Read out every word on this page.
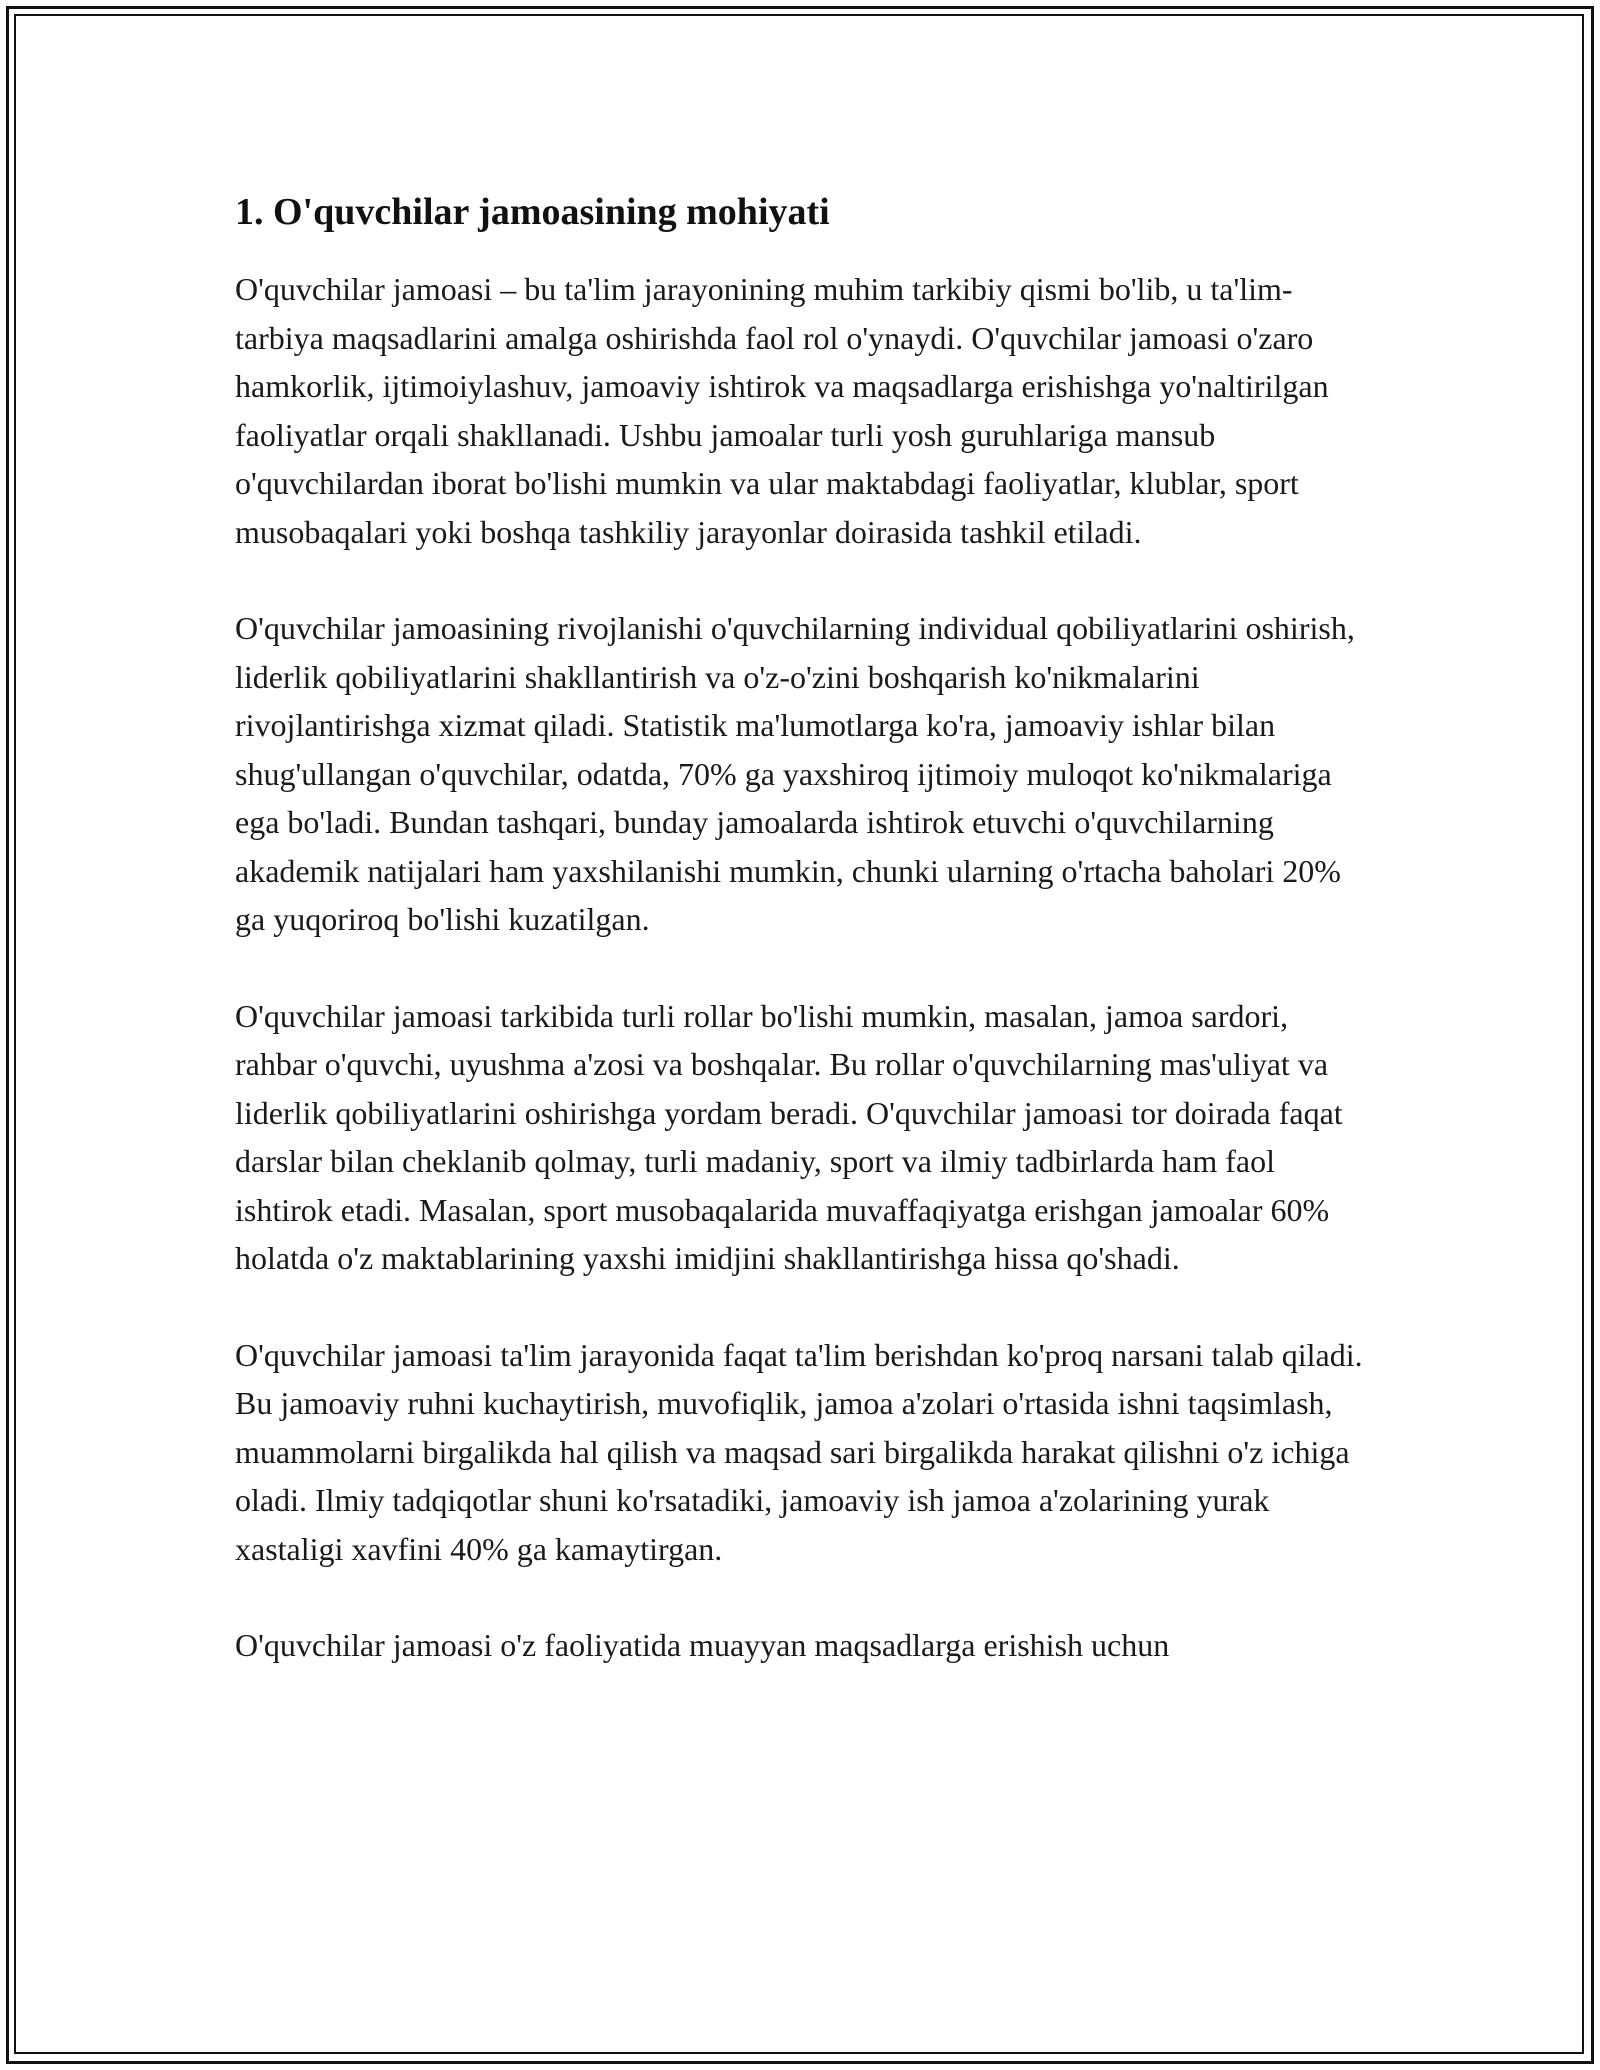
1. O'quvchilar jamoasining mohiyati

O'quvchilar jamoasi – bu ta'lim jarayonining muhim tarkibiy qismi bo'lib, u ta'lim-tarbiya maqsadlarini amalga oshirishda faol rol o'ynaydi. O'quvchilar jamoasi o'zaro hamkorlik, ijtimoiylashuv, jamoaviy ishtirok va maqsadlarga erishishga yo'naltirilgan faoliyatlar orqali shakllanadi. Ushbu jamoalar turli yosh guruhlariga mansub o'quvchilardan iborat bo'lishi mumkin va ular maktabdagi faoliyatlar, klublar, sport musobaqalari yoki boshqa tashkiliy jarayonlar doirasida tashkil etiladi.

O'quvchilar jamoasining rivojlanishi o'quvchilarning individual qobiliyatlarini oshirish, liderlik qobiliyatlarini shakllantirish va o'z-o'zini boshqarish ko'nikmalarini rivojlantirishga xizmat qiladi. Statistik ma'lumotlarga ko'ra, jamoaviy ishlar bilan shug'ullangan o'quvchilar, odatda, 70% ga yaxshiroq ijtimoiy muloqot ko'nikmalariga ega bo'ladi. Bundan tashqari, bunday jamoalarda ishtirok etuvchi o'quvchilarning akademik natijalari ham yaxshilanishi mumkin, chunki ularning o'rtacha baholari 20% ga yuqoriroq bo'lishi kuzatilgan.

O'quvchilar jamoasi tarkibida turli rollar bo'lishi mumkin, masalan, jamoa sardori, rahbar o'quvchi, uyushma a'zosi va boshqalar. Bu rollar o'quvchilarning mas'uliyat va liderlik qobiliyatlarini oshirishga yordam beradi. O'quvchilar jamoasi tor doirada faqat darslar bilan cheklanib qolmay, turli madaniy, sport va ilmiy tadbirlarda ham faol ishtirok etadi. Masalan, sport musobaqalarida muvaffaqiyatga erishgan jamoalar 60% holatda o'z maktablarining yaxshi imidjini shakllantirishga hissa qo'shadi.

O'quvchilar jamoasi ta'lim jarayonida faqat ta'lim berishdan ko'proq narsani talab qiladi. Bu jamoaviy ruhni kuchaytirish, muvofiqlik, jamoa a'zolari o'rtasida ishni taqsimlash, muammolarni birgalikda hal qilish va maqsad sari birgalikda harakat qilishni o'z ichiga oladi. Ilmiy tadqiqotlar shuni ko'rsatadiki, jamoaviy ish jamoa a'zolarining yurak xastaligi xavfini 40% ga kamaytirgan.

O'quvchilar jamoasi o'z faoliyatida muayyan maqsadlarga erishish uchun
